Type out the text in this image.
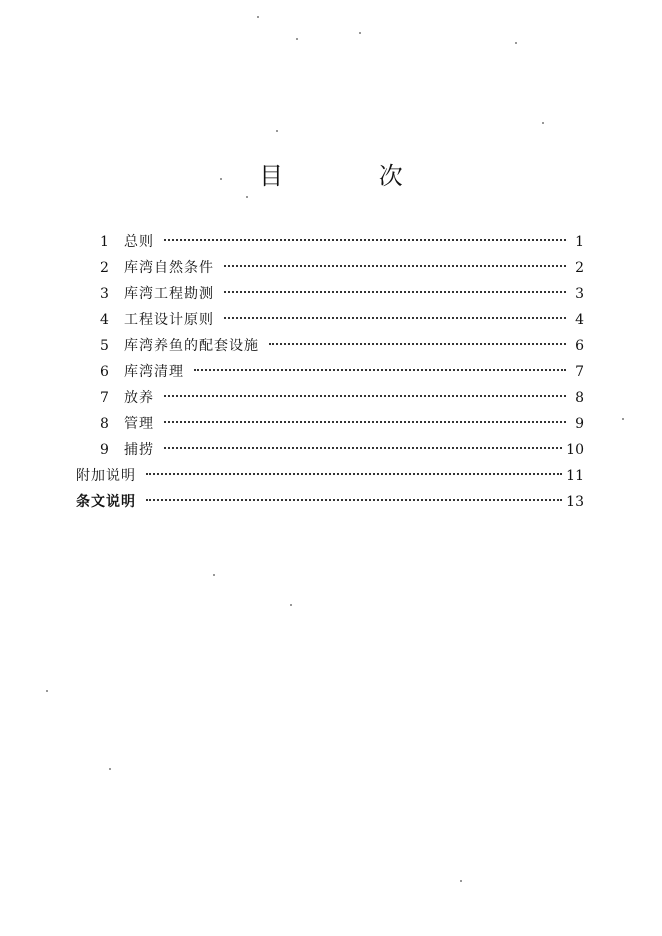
目 次
1	总则	1
2	库湾自然条件	2
3	库湾工程勘测	3
4	工程设计原则	4
5	库湾养鱼的配套设施	6
6	库湾清理	7
7	放养	8
8	管理	9
9	捕捞	10
附加说明	11
条文说明	13
